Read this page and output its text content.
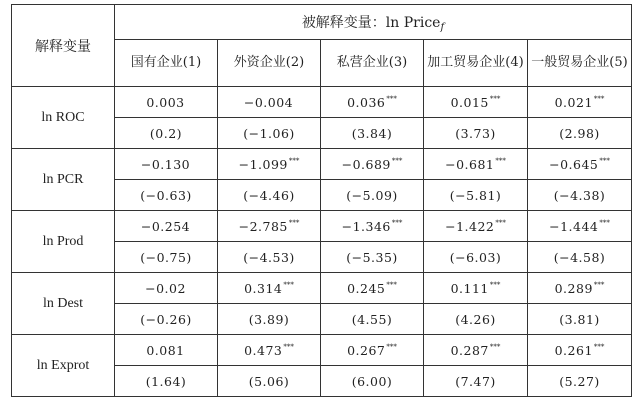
解释变量	被解释变量：ln Price$_f$
	国有企业(1)	外资企业(2)	私营企业(3)	加工贸易企业(4)	一般贸易企业(5)
ln ROC	0.003	−0.004	0.036***	0.015***	0.021***
	(0.2)	(−1.06)	(3.84)	(3.73)	(2.98)
ln PCR	−0.130	−1.099***	−0.689***	−0.681***	−0.645***
	(−0.63)	(−4.46)	(−5.09)	(−5.81)	(−4.38)
ln Prod	−0.254	−2.785***	−1.346***	−1.422***	−1.444***
	(−0.75)	(−4.53)	(−5.35)	(−6.03)	(−4.58)
ln Dest	−0.02	0.314***	0.245***	0.111***	0.289***
	(−0.26)	(3.89)	(4.55)	(4.26)	(3.81)
ln Exprot	0.081	0.473***	0.267***	0.287***	0.261***
	(1.64)	(5.06)	(6.00)	(7.47)	(5.27)
